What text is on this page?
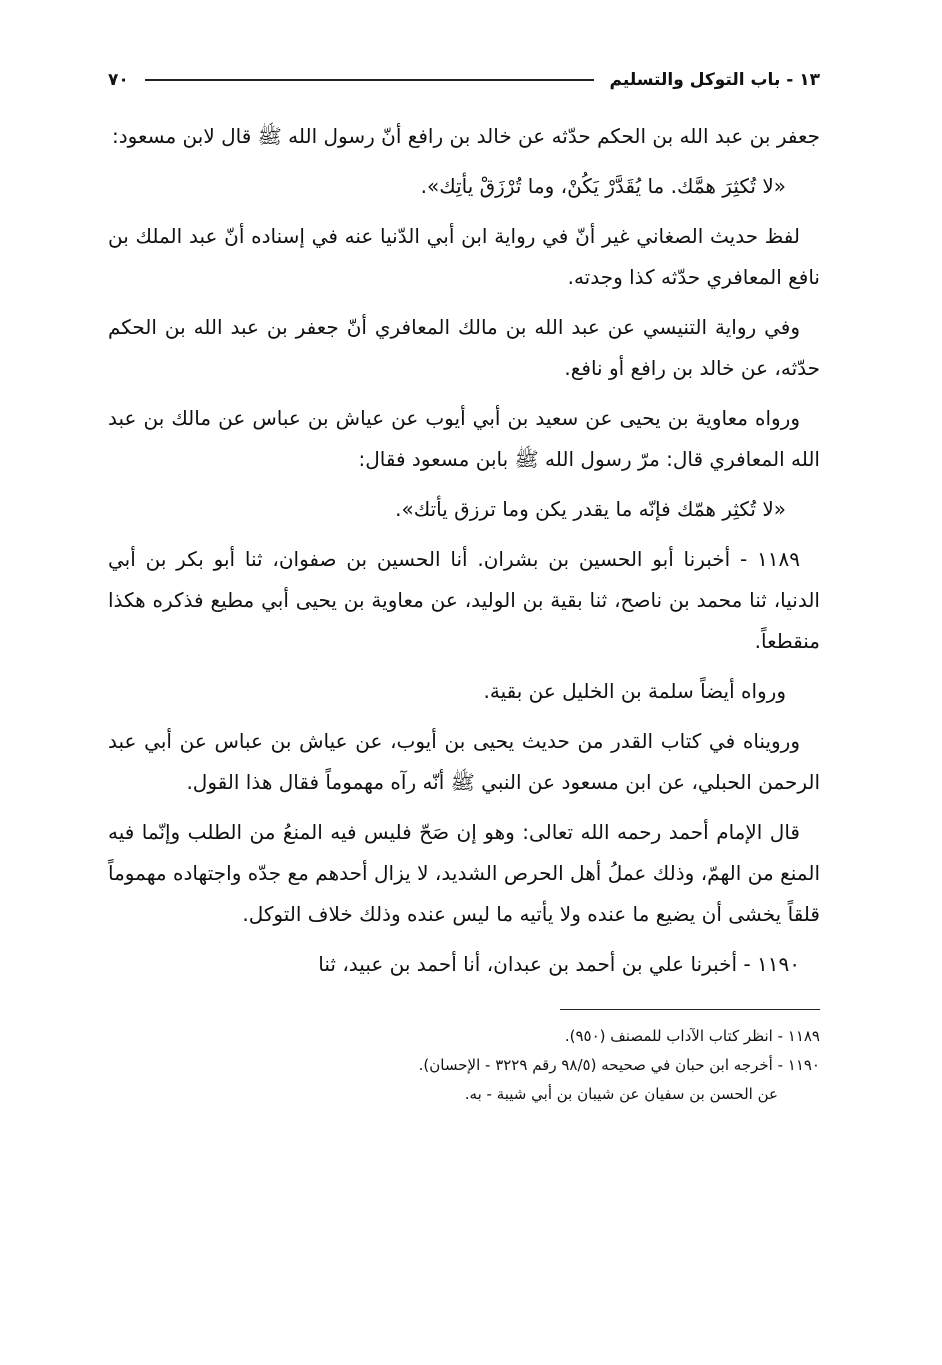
١٣ - باب التوكل والتسليم
٧٠

جعفر بن عبد الله بن الحكم حدّثه عن خالد بن رافع أنّ رسول الله ﷺ قال لابن مسعود:

«لا تُكثِرَ همَّك. ما يُقَدَّرْ يَكُنْ، وما تُرْزَقْ يأتِك».

لفظ حديث الصغاني غير أنّ في رواية ابن أبي الدّنيا عنه في إسناده أنّ عبد الملك بن نافع المعافري حدّثه كذا وجدته.

وفي رواية التنيسي عن عبد الله بن مالك المعافري أنّ جعفر بن عبد الله بن الحكم حدّثه، عن خالد بن رافع أو نافع.

ورواه معاوية بن يحيى عن سعيد بن أبي أيوب عن عياش بن عباس عن مالك بن عبد الله المعافري قال: مرّ رسول الله ﷺ بابن مسعود فقال:

«لا تُكثِر همّك فإنّه ما يقدر يكن وما ترزق يأتك».

١١٨٩ - أخبرنا أبو الحسين بن بشران. أنا الحسين بن صفوان، ثنا أبو بكر بن أبي الدنيا، ثنا محمد بن ناصح، ثنا بقية بن الوليد، عن معاوية بن يحيى أبي مطيع فذكره هكذا منقطعاً.

ورواه أيضاً سلمة بن الخليل عن بقية.

ورويناه في كتاب القدر من حديث يحيى بن أيوب، عن عياش بن عباس عن أبي عبد الرحمن الحبلي، عن ابن مسعود عن النبي ﷺ أنّه رآه مهموماً فقال هذا القول.

قال الإمام أحمد رحمه الله تعالى: وهو إن صَحّ فليس فيه المنعُ من الطلب وإنّما فيه المنع من الهمّ، وذلك عملُ أهل الحرص الشديد، لا يزال أحدهم مع جدّه واجتهاده مهموماً قلقاً يخشى أن يضيع ما عنده ولا يأتيه ما ليس عنده وذلك خلاف التوكل.

١١٩٠ - أخبرنا علي بن أحمد بن عبدان، أنا أحمد بن عبيد، ثنا

١١٨٩ - انظر كتاب الآداب للمصنف (٩٥٠).

١١٩٠ - أخرجه ابن حبان في صحيحه (٩٨/٥ رقم ٣٢٢٩ - الإحسان).

عن الحسن بن سفيان عن شيبان بن أبي شيبة - به.
